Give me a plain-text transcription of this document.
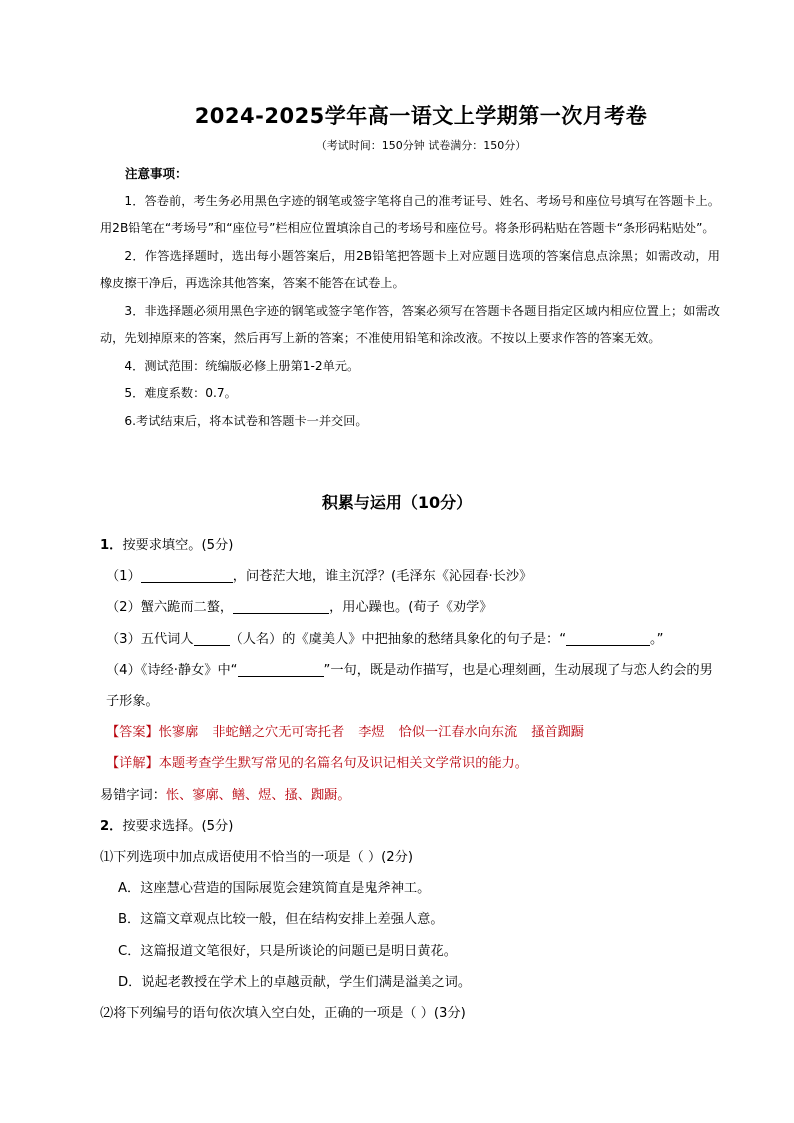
2024-2025学年高一语文上学期第一次月考卷
（考试时间：150分钟 试卷满分：150分）

注意事项：

1．答卷前，考生务必用黑色字迹的钢笔或签字笔将自己的准考证号、姓名、考场号和座位号填写在答题卡上。用2B铅笔在“考场号”和“座位号”栏相应位置填涂自己的考场号和座位号。将条形码粘贴在答题卡“条形码粘贴处”。

2．作答选择题时，选出每小题答案后，用2B铅笔把答题卡上对应题目选项的答案信息点涂黑；如需改动，用橡皮擦干净后，再选涂其他答案，答案不能答在试卷上。

3．非选择题必须用黑色字迹的钢笔或签字笔作答，答案必须写在答题卡各题目指定区域内相应位置上；如需改动，先划掉原来的答案，然后再写上新的答案；不准使用铅笔和涂改液。不按以上要求作答的答案无效。

4．测试范围：统编版必修上册第1-2单元。

5．难度系数：0.7。

6.考试结束后，将本试卷和答题卡一并交回。

积累与运用（10分）

1．按要求填空。(5分)

（1）	，问苍茫大地，谁主沉浮？(毛泽东《沁园春·长沙》

（2）蟹六跪而二螯，	，用心躁也。(荀子《劝学》

（3）五代词人	（人名）的《虞美人》中把抽象的愁绪具象化的句子是：“	。”

（4）《诗经·静女》中“	”一句，既是动作描写，也是心理刻画，生动展现了与恋人约会的男子形象。

【答案】怅寥廓 非蛇鳝之穴无可寄托者 李煜 恰似一江春水向东流 搔首踟蹰

【详解】本题考查学生默写常见的名篇名句及识记相关文学常识的能力。

易错字词：怅、寥廓、鳝、煜、搔、踟蹰。

2．按要求选择。(5分)

⑴下列选项中加点成语使用不恰当的一项是（ ）(2分)

A．这座慧心营造的国际展览会建筑简直是鬼斧神工。

B．这篇文章观点比较一般，但在结构安排上差强人意。

C．这篇报道文笔很好，只是所谈论的问题已是明日黄花。

D．说起老教授在学术上的卓越贡献，学生们满是溢美之词。

⑵将下列编号的语句依次填入空白处，正确的一项是（ ）(3分)
